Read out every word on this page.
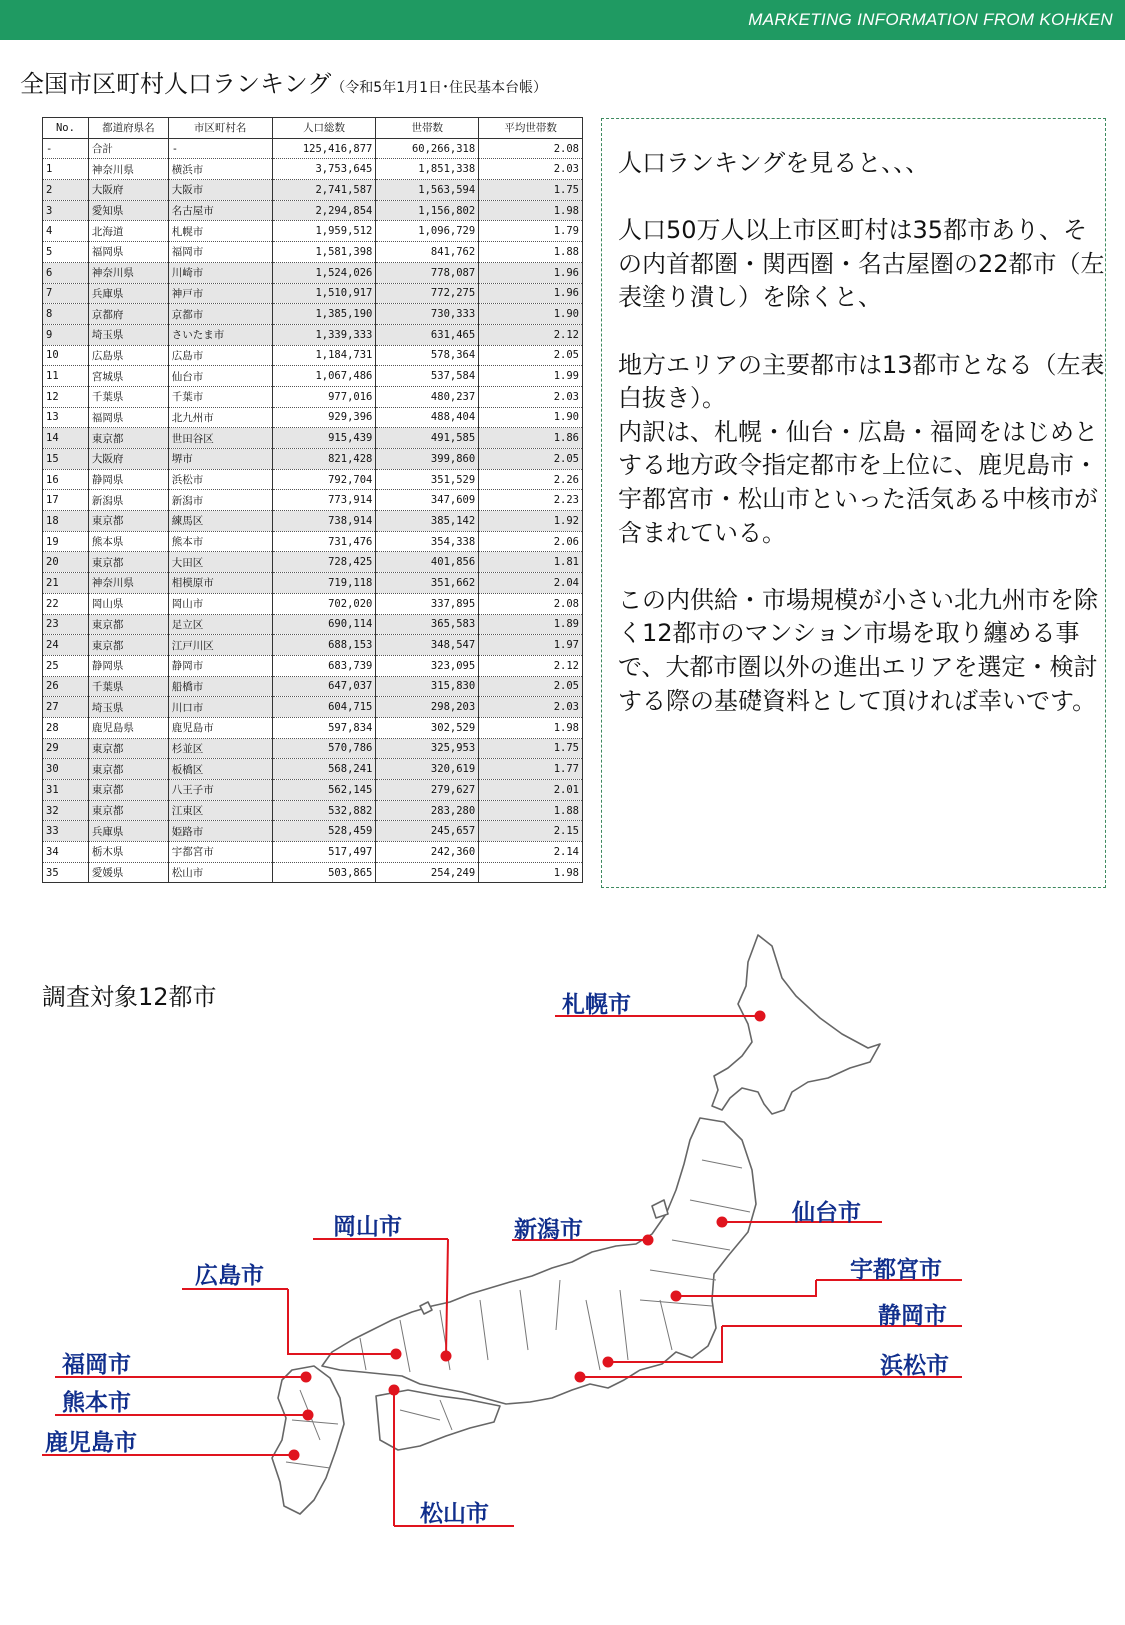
MARKETING INFORMATION FROM KOHKEN
全国市区町村人口ランキング（令和5年1月1日･住民基本台帳）
No.	都道府県名	市区町村名	人口総数	世帯数	平均世帯数
-	合計	-	125,416,877	60,266,318	2.08
1	神奈川県	横浜市	3,753,645	1,851,338	2.03
2	大阪府	大阪市	2,741,587	1,563,594	1.75
3	愛知県	名古屋市	2,294,854	1,156,802	1.98
4	北海道	札幌市	1,959,512	1,096,729	1.79
5	福岡県	福岡市	1,581,398	841,762	1.88
6	神奈川県	川崎市	1,524,026	778,087	1.96
7	兵庫県	神戸市	1,510,917	772,275	1.96
8	京都府	京都市	1,385,190	730,333	1.90
9	埼玉県	さいたま市	1,339,333	631,465	2.12
10	広島県	広島市	1,184,731	578,364	2.05
11	宮城県	仙台市	1,067,486	537,584	1.99
12	千葉県	千葉市	977,016	480,237	2.03
13	福岡県	北九州市	929,396	488,404	1.90
14	東京都	世田谷区	915,439	491,585	1.86
15	大阪府	堺市	821,428	399,860	2.05
16	静岡県	浜松市	792,704	351,529	2.26
17	新潟県	新潟市	773,914	347,609	2.23
18	東京都	練馬区	738,914	385,142	1.92
19	熊本県	熊本市	731,476	354,338	2.06
20	東京都	大田区	728,425	401,856	1.81
21	神奈川県	相模原市	719,118	351,662	2.04
22	岡山県	岡山市	702,020	337,895	2.08
23	東京都	足立区	690,114	365,583	1.89
24	東京都	江戸川区	688,153	348,547	1.97
25	静岡県	静岡市	683,739	323,095	2.12
26	千葉県	船橋市	647,037	315,830	2.05
27	埼玉県	川口市	604,715	298,203	2.03
28	鹿児島県	鹿児島市	597,834	302,529	1.98
29	東京都	杉並区	570,786	325,953	1.75
30	東京都	板橋区	568,241	320,619	1.77
31	東京都	八王子市	562,145	279,627	2.01
32	東京都	江東区	532,882	283,280	1.88
33	兵庫県	姫路市	528,459	245,657	2.15
34	栃木県	宇都宮市	517,497	242,360	2.14
35	愛媛県	松山市	503,865	254,249	1.98

人口ランキングを見ると、、、

人口50万人以上市区町村は35都市あり、その内首都圏・関西圏・名古屋圏の22都市（左表塗り潰し）を除くと、

地方エリアの主要都市は13都市となる（左表白抜き）。

内訳は、札幌・仙台・広島・福岡をはじめとする地方政令指定都市を上位に、鹿児島市・宇都宮市・松山市といった活気ある中核市が含まれている。

この内供給・市場規模が小さい北九州市を除く12都市のマンション市場を取り纏める事で、大都市圏以外の進出エリアを選定・検討する際の基礎資料として頂ければ幸いです。

調査対象12都市	札幌市
仙台市
新潟市
岡山市
広島市	宇都宮市
静岡市
浜松市
福岡市
熊本市
鹿児島市
松山市
